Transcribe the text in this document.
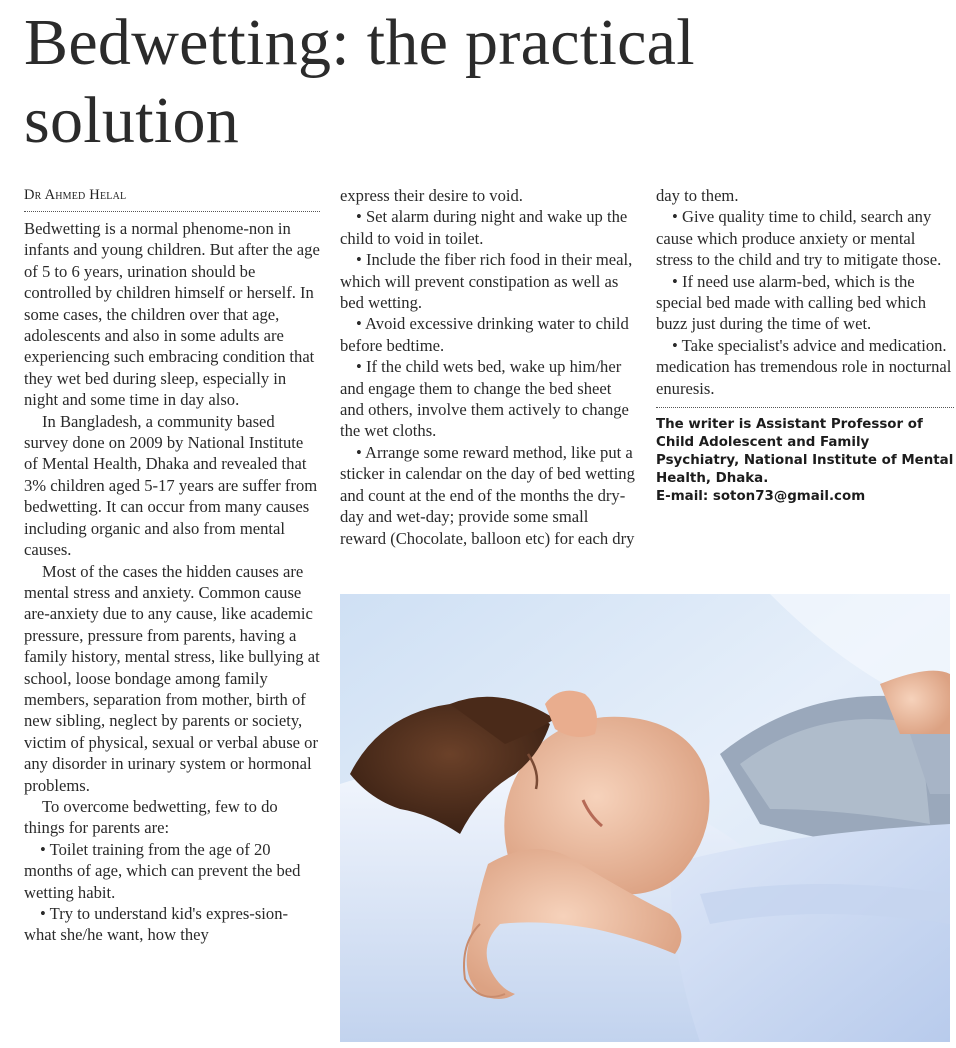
Bedwetting: the practical
solution
Dr Ahmed Helal

Bedwetting is a normal phenome-non in infants and young children. But after the age of 5 to 6 years, urination should be controlled by children himself or herself. In some cases, the children over that age, adolescents and also in some adults are experiencing such embracing condition that they wet bed during sleep, especially in night and some time in day also.

In Bangladesh, a community based survey done on 2009 by National Institute of Mental Health, Dhaka and revealed that 3% children aged 5-17 years are suffer from bedwetting. It can occur from many causes including organic and also from mental causes.

Most of the cases the hidden causes are mental stress and anxiety. Common cause are-anxiety due to any cause, like academic pressure, pressure from parents, having a family history, mental stress, like bullying at school, loose bondage among family members, separation from mother, birth of new sibling, neglect by parents or society, victim of physical, sexual or verbal abuse or any disorder in urinary system or hormonal problems.

To overcome bedwetting, few to do things for parents are:

• Toilet training from the age of 20 months of age, which can prevent the bed wetting habit.

• Try to understand kid's expres-sion- what she/he want, how they

express their desire to void.

• Set alarm during night and wake up the child to void in toilet.

• Include the fiber rich food in their meal, which will prevent constipation as well as bed wetting.

• Avoid excessive drinking water to child before bedtime.

• If the child wets bed, wake up him/her and engage them to change the bed sheet and others, involve them actively to change the wet cloths.

• Arrange some reward method, like put a sticker in calendar on the day of bed wetting and count at the end of the months the dry-day and wet-day; provide some small reward (Chocolate, balloon etc) for each dry

day to them.

• Give quality time to child, search any cause which produce anxiety or mental stress to the child and try to mitigate those.

• If need use alarm-bed, which is the special bed made with calling bed which buzz just during the time of wet.

• Take specialist's advice and medication. medication has tremendous role in nocturnal enuresis.

The writer is Assistant Professor of Child Adolescent and Family Psychiatry, National Institute of Mental Health, Dhaka.
E-mail: soton73@gmail.com
